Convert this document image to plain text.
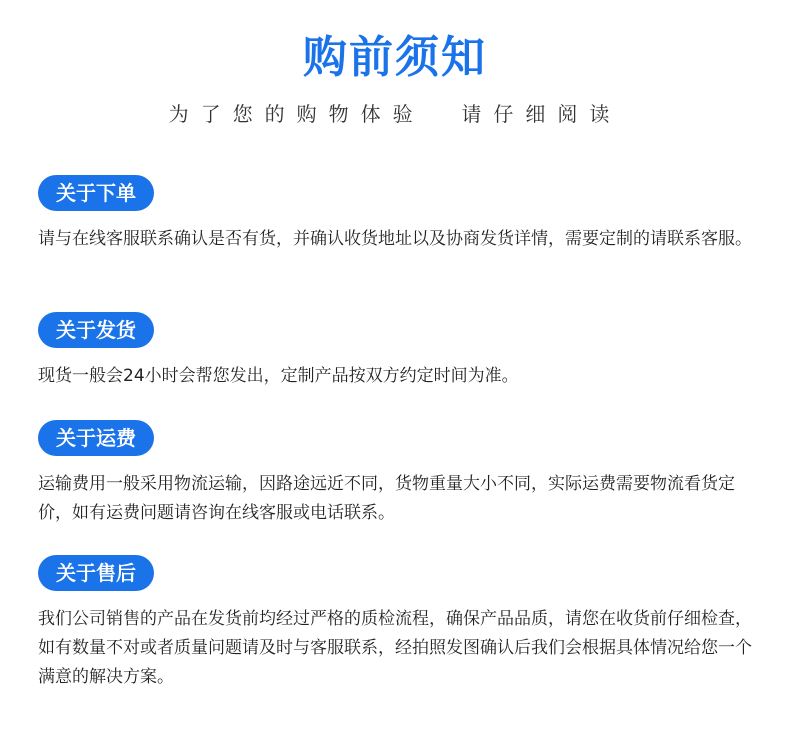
购前须知
为了您的购物体验  请仔细阅读
关于下单

请与在线客服联系确认是否有货，并确认收货地址以及协商发货详情，需要定制的请联系客服。

关于发货

现货一般会24小时会帮您发出，定制产品按双方约定时间为准。

关于运费

运输费用一般采用物流运输，因路途远近不同，货物重量大小不同，实际运费需要物流看货定价，如有运费问题请咨询在线客服或电话联系。

关于售后

我们公司销售的产品在发货前均经过严格的质检流程，确保产品品质，请您在收货前仔细检查，如有数量不对或者质量问题请及时与客服联系，经拍照发图确认后我们会根据具体情况给您一个满意的解决方案。
